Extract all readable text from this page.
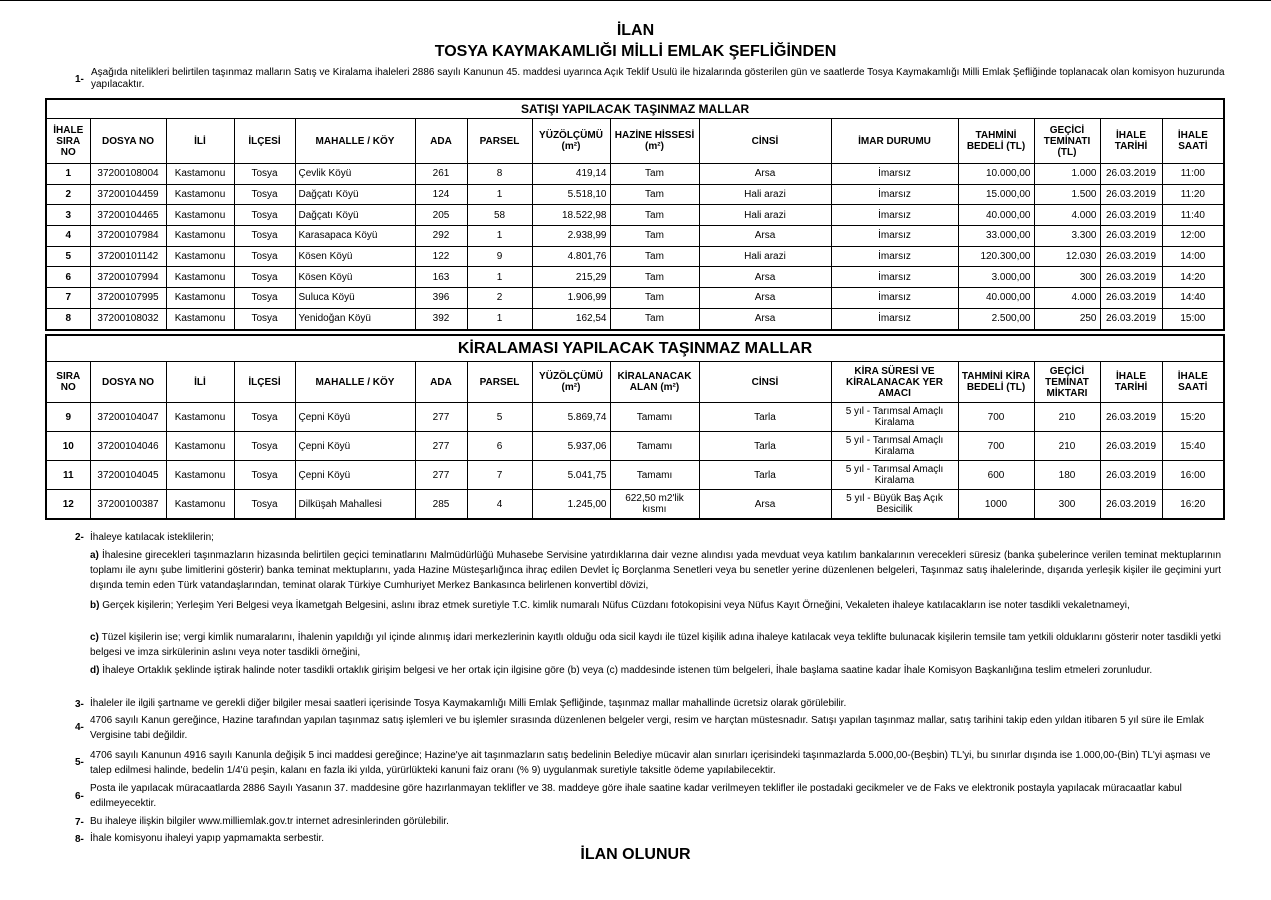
İLAN
TOSYA KAYMAKAMLIĞI MİLLİ EMLAK ŞEFLİĞİNDEN
1-
Aşağıda nitelikleri belirtilen taşınmaz malların Satış ve Kiralama ihaleleri 2886 sayılı Kanunun 45. maddesi uyarınca Açık Teklif Usulü ile hizalarında gösterilen gün ve saatlerde Tosya Kaymakamlığı Milli Emlak Şefliğinde toplanacak olan komisyon huzurunda yapılacaktır.
SATIŞI YAPILACAK TAŞINMAZ MALLAR														
İHALE SIRA NO	DOSYA NO	İLİ	İLÇESİ	MAHALLE / KÖY	ADA	PARSEL	YÜZÖLÇÜMÜ (m²)	HAZİNE HİSSESİ (m²)	CİNSİ	İMAR DURUMU	TAHMİNİ BEDELİ (TL)	GEÇİCİ TEMİNATI (TL)	İHALE TARİHİ	İHALE SAATİ
1	37200108004	Kastamonu	Tosya	Çevlik Köyü	261	8	419,14	Tam	Arsa	İmarsız	10.000,00	1.000	26.03.2019	11:00
2	37200104459	Kastamonu	Tosya	Dağçatı Köyü	124	1	5.518,10	Tam	Hali arazi	İmarsız	15.000,00	1.500	26.03.2019	11:20
3	37200104465	Kastamonu	Tosya	Dağçatı Köyü	205	58	18.522,98	Tam	Hali arazi	İmarsız	40.000,00	4.000	26.03.2019	11:40
4	37200107984	Kastamonu	Tosya	Karasapaca Köyü	292	1	2.938,99	Tam	Arsa	İmarsız	33.000,00	3.300	26.03.2019	12:00
5	37200101142	Kastamonu	Tosya	Kösen Köyü	122	9	4.801,76	Tam	Hali arazi	İmarsız	120.300,00	12.030	26.03.2019	14:00
6	37200107994	Kastamonu	Tosya	Kösen Köyü	163	1	215,29	Tam	Arsa	İmarsız	3.000,00	300	26.03.2019	14:20
7	37200107995	Kastamonu	Tosya	Suluca Köyü	396	2	1.906,99	Tam	Arsa	İmarsız	40.000,00	4.000	26.03.2019	14:40
8	37200108032	Kastamonu	Tosya	Yenidoğan Köyü	392	1	162,54	Tam	Arsa	İmarsız	2.500,00	250	26.03.2019	15:00
KİRALAMASI YAPILACAK TAŞINMAZ MALLAR														
SIRA NO	DOSYA NO	İLİ	İLÇESİ	MAHALLE / KÖY	ADA	PARSEL	YÜZÖLÇÜMÜ (m²)	KİRALANACAK ALAN (m²)	CİNSİ	KİRA SÜRESİ VE KİRALANACAK YER AMACI	TAHMİNİ KİRA BEDELİ (TL)	GEÇİCİ TEMİNAT MİKTARI	İHALE TARİHİ	İHALE SAATİ
9	37200104047	Kastamonu	Tosya	Çepni Köyü	277	5	5.869,74	Tamamı	Tarla	5 yıl - Tarımsal Amaçlı Kiralama	700	210	26.03.2019	15:20
10	37200104046	Kastamonu	Tosya	Çepni Köyü	277	6	5.937,06	Tamamı	Tarla	5 yıl - Tarımsal Amaçlı Kiralama	700	210	26.03.2019	15:40
11	37200104045	Kastamonu	Tosya	Çepni Köyü	277	7	5.041,75	Tamamı	Tarla	5 yıl - Tarımsal Amaçlı Kiralama	600	180	26.03.2019	16:00
12	37200100387	Kastamonu	Tosya	Dilküşah Mahallesi	285	4	1.245,00	622,50 m2'lik kısmı	Arsa	5 yıl - Büyük Baş Açık Besicilik	1000	300	26.03.2019	16:20
2- İhaleye katılacak isteklilerin;
a) İhalesine girecekleri taşınmazların hizasında belirtilen geçici teminatlarını Malmüdürlüğü Muhasebe Servisine yatırdıklarına dair vezne alındısı yada mevduat veya katılım bankalarının verecekleri süresiz (banka şubelerince verilen teminat mektuplarının toplamı ile aynı şube limitlerini gösterir) banka teminat mektuplarını, yada Hazine Müsteşarlığınca ihraç edilen Devlet İç Borçlanma Senetleri veya bu senetler yerine düzenlenen belgeleri, Taşınmaz satış ihalelerinde, dışarıda yerleşik kişiler ile geçimini yurt dışında temin eden Türk vatandaşlarından, teminat olarak Türkiye Cumhuriyet Merkez Bankasınca belirlenen konvertibl dövizi,
b) Gerçek kişilerin; Yerleşim Yeri Belgesi veya İkametgah Belgesini, aslını ibraz etmek suretiyle T.C. kimlik numaralı Nüfus Cüzdanı fotokopisini veya Nüfus Kayıt Örneğini, Vekaleten ihaleye katılacakların ise noter tasdikli vekaletnameyi,
c) Tüzel kişilerin ise; vergi kimlik numaralarını, İhalenin yapıldığı yıl içinde alınmış idari merkezlerinin kayıtlı olduğu oda sicil kaydı ile tüzel kişilik adına ihaleye katılacak veya teklifte bulunacak kişilerin temsile tam yetkili olduklarını gösterir noter tasdikli yetki belgesi ve imza sirkülerinin aslını veya noter tasdikli örneğini,
d) İhaleye Ortaklık şeklinde iştirak halinde noter tasdikli ortaklık girişim belgesi ve her ortak için ilgisine göre (b) veya (c) maddesinde istenen tüm belgeleri, İhale başlama saatine kadar İhale Komisyon Başkanlığına teslim etmeleri zorunludur.
3- İhaleler ile ilgili şartname ve gerekli diğer bilgiler mesai saatleri içerisinde Tosya Kaymakamlığı Milli Emlak Şefliğinde, taşınmaz mallar mahallinde ücretsiz olarak görülebilir.
4-
4706 sayılı Kanun gereğince, Hazine tarafından yapılan taşınmaz satış işlemleri ve bu işlemler sırasında düzenlenen belgeler vergi, resim ve harçtan müstesnadır. Satışı yapılan taşınmaz mallar, satış tarihini takip eden yıldan itibaren 5 yıl süre ile Emlak Vergisine tabi değildir.
5-
4706 sayılı Kanunun 4916 sayılı Kanunla değişik 5 inci maddesi gereğince; Hazine'ye ait taşınmazların satış bedelinin Belediye mücavir alan sınırları içerisindeki taşınmazlarda 5.000,00-(Beşbin) TL'yi, bu sınırlar dışında ise 1.000,00-(Bin) TL'yi aşması ve talep edilmesi halinde, bedelin 1/4'ü peşin, kalanı en fazla iki yılda, yürürlükteki kanuni faiz oranı (% 9) uygulanmak suretiyle taksitle ödeme yapılabilecektir.
6-
Posta ile yapılacak müracaatlarda 2886 Sayılı Yasanın 37. maddesine göre hazırlanmayan teklifler ve 38. maddeye göre ihale saatine kadar verilmeyen teklifler ile postadaki gecikmeler ve de Faks ve elektronik postayla yapılacak müracaatlar kabul edilmeyecektir.
7- Bu ihaleye ilişkin bilgiler www.milliemlak.gov.tr internet adresinlerinden görülebilir.
8- İhale komisyonu ihaleyi yapıp yapmamakta serbestir.
İLAN OLUNUR
